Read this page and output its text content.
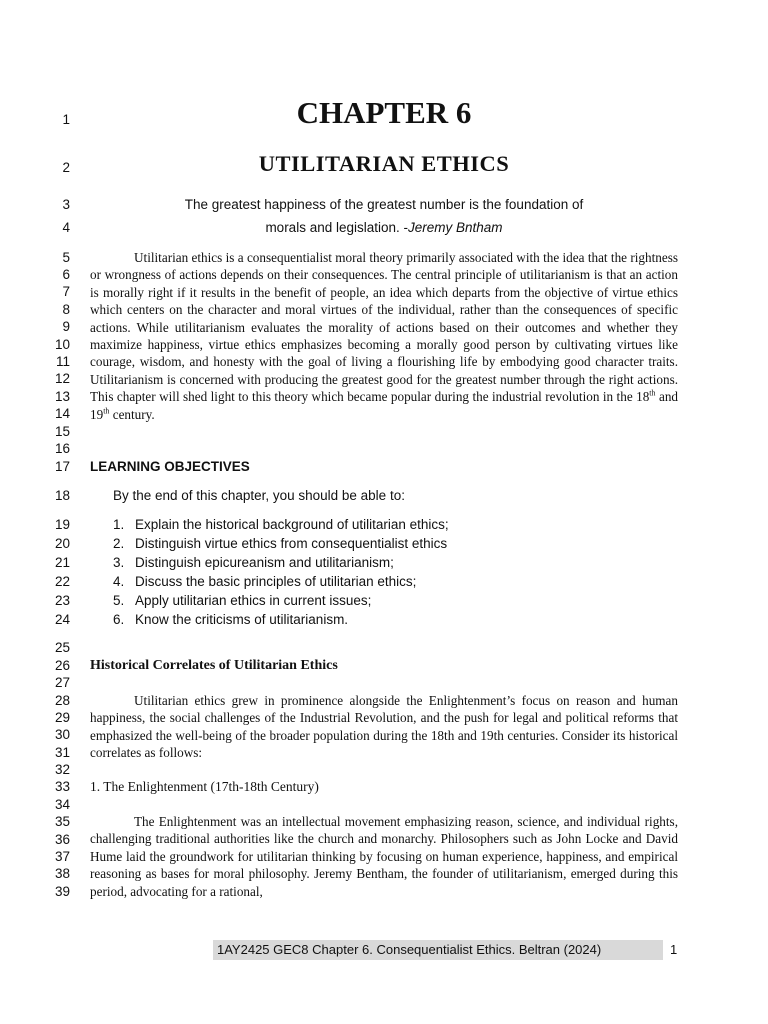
1
2
3
4
5
6
7
8
9
10
11
12
13
14
15
16
17
18
19
20
21
22
23
24
25
26
27
28
29
30
31
32
33
34
35
36
37
38
39
CHAPTER 6
UTILITARIAN ETHICS
The greatest happiness of the greatest number is the foundation of
morals and legislation. -Jeremy Bntham

Utilitarian ethics is a consequentialist moral theory primarily associated with the idea that the rightness or wrongness of actions depends on their consequences. The central principle of utilitarianism is that an action is morally right if it results in the benefit of people, an idea which departs from the objective of virtue ethics which centers on the character and moral virtues of the individual, rather than the consequences of specific actions. While utilitarianism evaluates the morality of actions based on their outcomes and whether they maximize happiness, virtue ethics emphasizes becoming a morally good person by cultivating virtues like courage, wisdom, and honesty with the goal of living a flourishing life by embodying good character traits. Utilitarianism is concerned with producing the greatest good for the greatest number through the right actions. This chapter will shed light to this theory which became popular during the industrial revolution in the 18th and 19th century.

LEARNING OBJECTIVES
By the end of this chapter, you should be able to:
1. Explain the historical background of utilitarian ethics;
2. Distinguish virtue ethics from consequentialist ethics
3. Distinguish epicureanism and utilitarianism;
4. Discuss the basic principles of utilitarian ethics;
5. Apply utilitarian ethics in current issues;
6. Know the criticisms of utilitarianism.
Historical Correlates of Utilitarian Ethics

Utilitarian ethics grew in prominence alongside the Enlightenment’s focus on reason and human happiness, the social challenges of the Industrial Revolution, and the push for legal and political reforms that emphasized the well-being of the broader population during the 18th and 19th centuries. Consider its historical correlates as follows:

1. The Enlightenment (17th-18th Century)

The Enlightenment was an intellectual movement emphasizing reason, science, and individual rights, challenging traditional authorities like the church and monarchy. Philosophers such as John Locke and David Hume laid the groundwork for utilitarian thinking by focusing on human experience, happiness, and empirical reasoning as bases for moral philosophy. Jeremy Bentham, the founder of utilitarianism, emerged during this period, advocating for a rational,

1AY2425 GEC8 Chapter 6. Consequentialist Ethics. Beltran (2024)	1
